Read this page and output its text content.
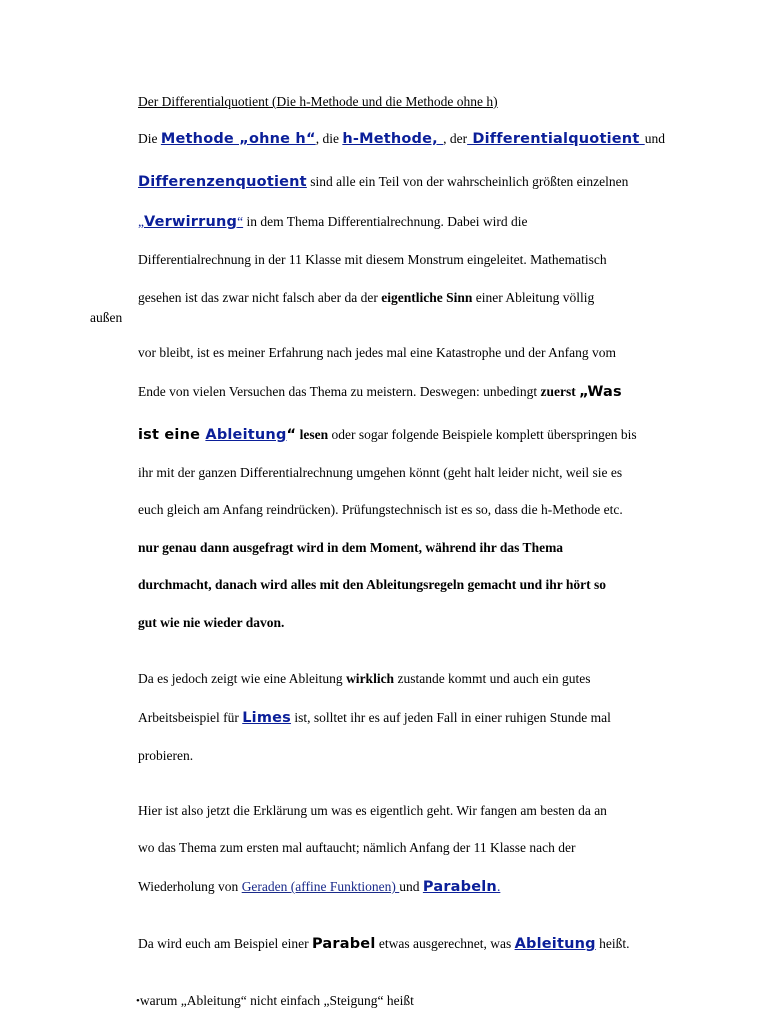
Der Differentialquotient (Die h-Methode und die Methode ohne h)
Die Methode „ohne h“, die h-Methode, , der Differentialquotient und
Differenzenquotient sind alle ein Teil von der wahrscheinlich größten einzelnen
„Verwirrung“ in dem Thema Differentialrechnung. Dabei wird die
Differentialrechnung in der 11 Klasse mit diesem Monstrum eingeleitet. Mathematisch
gesehen ist das zwar nicht falsch aber da der eigentliche Sinn einer Ableitung völlig
außen
vor bleibt, ist es meiner Erfahrung nach jedes mal eine Katastrophe und der Anfang vom
Ende von vielen Versuchen das Thema zu meistern. Deswegen: unbedingt zuerst „Was
ist eine Ableitung“ lesen oder sogar folgende Beispiele komplett überspringen bis
ihr mit der ganzen Differentialrechnung umgehen könnt (geht halt leider nicht, weil sie es
euch gleich am Anfang reindrücken). Prüfungstechnisch ist es so, dass die h-Methode etc.
nur genau dann ausgefragt wird in dem Moment, während ihr das Thema
durchmacht, danach wird alles mit den Ableitungsregeln gemacht und ihr hört so
gut wie nie wieder davon.
Da es jedoch zeigt wie eine Ableitung wirklich zustande kommt und auch ein gutes
Arbeitsbeispiel für Limes ist, solltet ihr es auf jeden Fall in einer ruhigen Stunde mal
probieren.
Hier ist also jetzt die Erklärung um was es eigentlich geht. Wir fangen am besten da an
wo das Thema zum ersten mal auftaucht; nämlich Anfang der 11 Klasse nach der
Wiederholung von Geraden (affine Funktionen) und Parabeln.
Da wird euch am Beispiel einer Parabel etwas ausgerechnet, was Ableitung heißt.
•warum „Ableitung“ nicht einfach „Steigung“ heißt
